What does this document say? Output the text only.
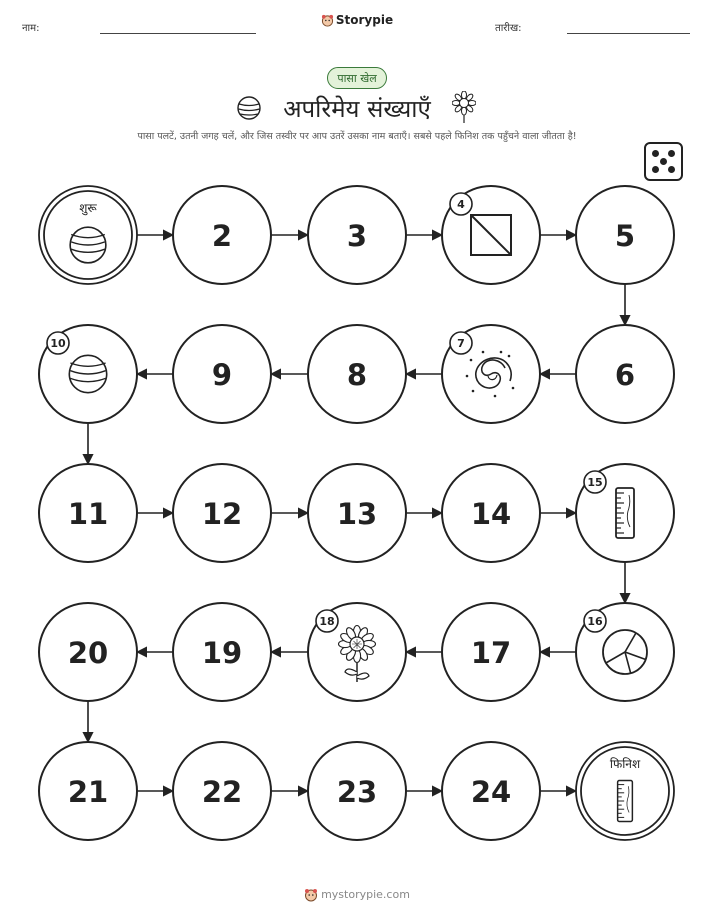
नाम:
Storypie
तारीख:
पासा खेल
अपरिमेय संख्याएँ
पासा पलटें, उतनी जगह चलें, और जिस तस्वीर पर आप उतरें उसका नाम बताएँ। सबसे पहले फिनिश तक पहुँचने वाला जीतता है!
शुरू
2	3
4
5
6
7
8
9
10
11	12	13	14
15
16
17
18
19
20
21	22	23	24
फिनिश
mystorypie.com
